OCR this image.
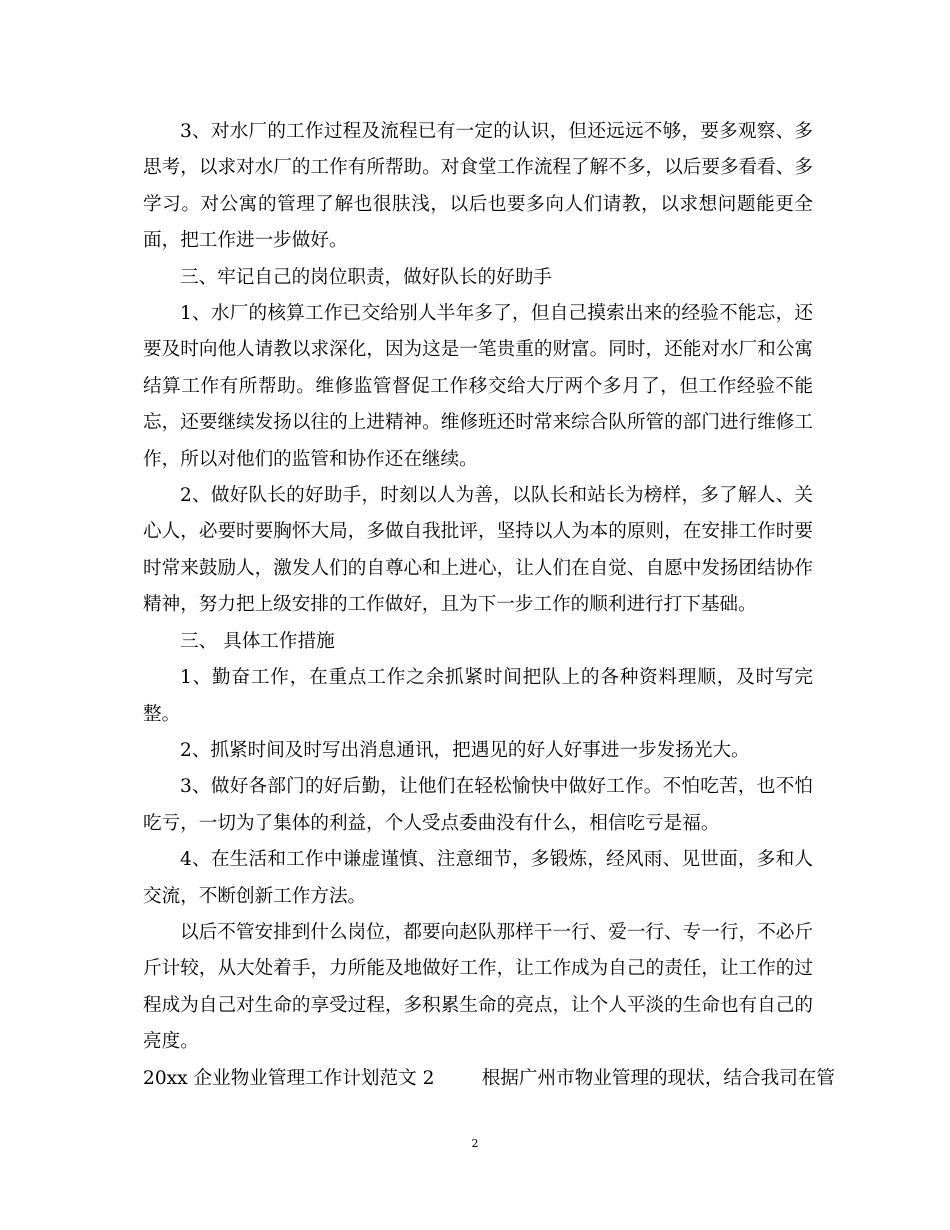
3、对水厂的工作过程及流程已有一定的认识，但还远远不够，要多观察、多思考，以求对水厂的工作有所帮助。对食堂工作流程了解不多，以后要多看看、多学习。对公寓的管理了解也很肤浅，以后也要多向人们请教，以求想问题能更全面，把工作进一步做好。

三、牢记自己的岗位职责，做好队长的好助手

1、水厂的核算工作已交给别人半年多了，但自己摸索出来的经验不能忘，还要及时向他人请教以求深化，因为这是一笔贵重的财富。同时，还能对水厂和公寓结算工作有所帮助。维修监管督促工作移交给大厅两个多月了，但工作经验不能忘，还要继续发扬以往的上进精神。维修班还时常来综合队所管的部门进行维修工作，所以对他们的监管和协作还在继续。

2、做好队长的好助手，时刻以人为善，以队长和站长为榜样，多了解人、关心人，必要时要胸怀大局，多做自我批评，坚持以人为本的原则，在安排工作时要时常来鼓励人，激发人们的自尊心和上进心，让人们在自觉、自愿中发扬团结协作精神，努力把上级安排的工作做好，且为下一步工作的顺利进行打下基础。

三、 具体工作措施

1、勤奋工作，在重点工作之余抓紧时间把队上的各种资料理顺，及时写完整。

2、抓紧时间及时写出消息通讯，把遇见的好人好事进一步发扬光大。

3、做好各部门的好后勤，让他们在轻松愉快中做好工作。不怕吃苦，也不怕吃亏，一切为了集体的利益，个人受点委曲没有什么，相信吃亏是福。

4、在生活和工作中谦虚谨慎、注意细节，多锻炼，经风雨、见世面，多和人交流，不断创新工作方法。

以后不管安排到什么岗位，都要向赵队那样干一行、爱一行、专一行，不必斤斤计较，从大处着手，力所能及地做好工作，让工作成为自己的责任，让工作的过程成为自己对生命的享受过程，多积累生命的亮点，让个人平淡的生命也有自己的亮度。

20xx 企业物业管理工作计划范文 2        根据广州市物业管理的现状，结合我司在管

2
